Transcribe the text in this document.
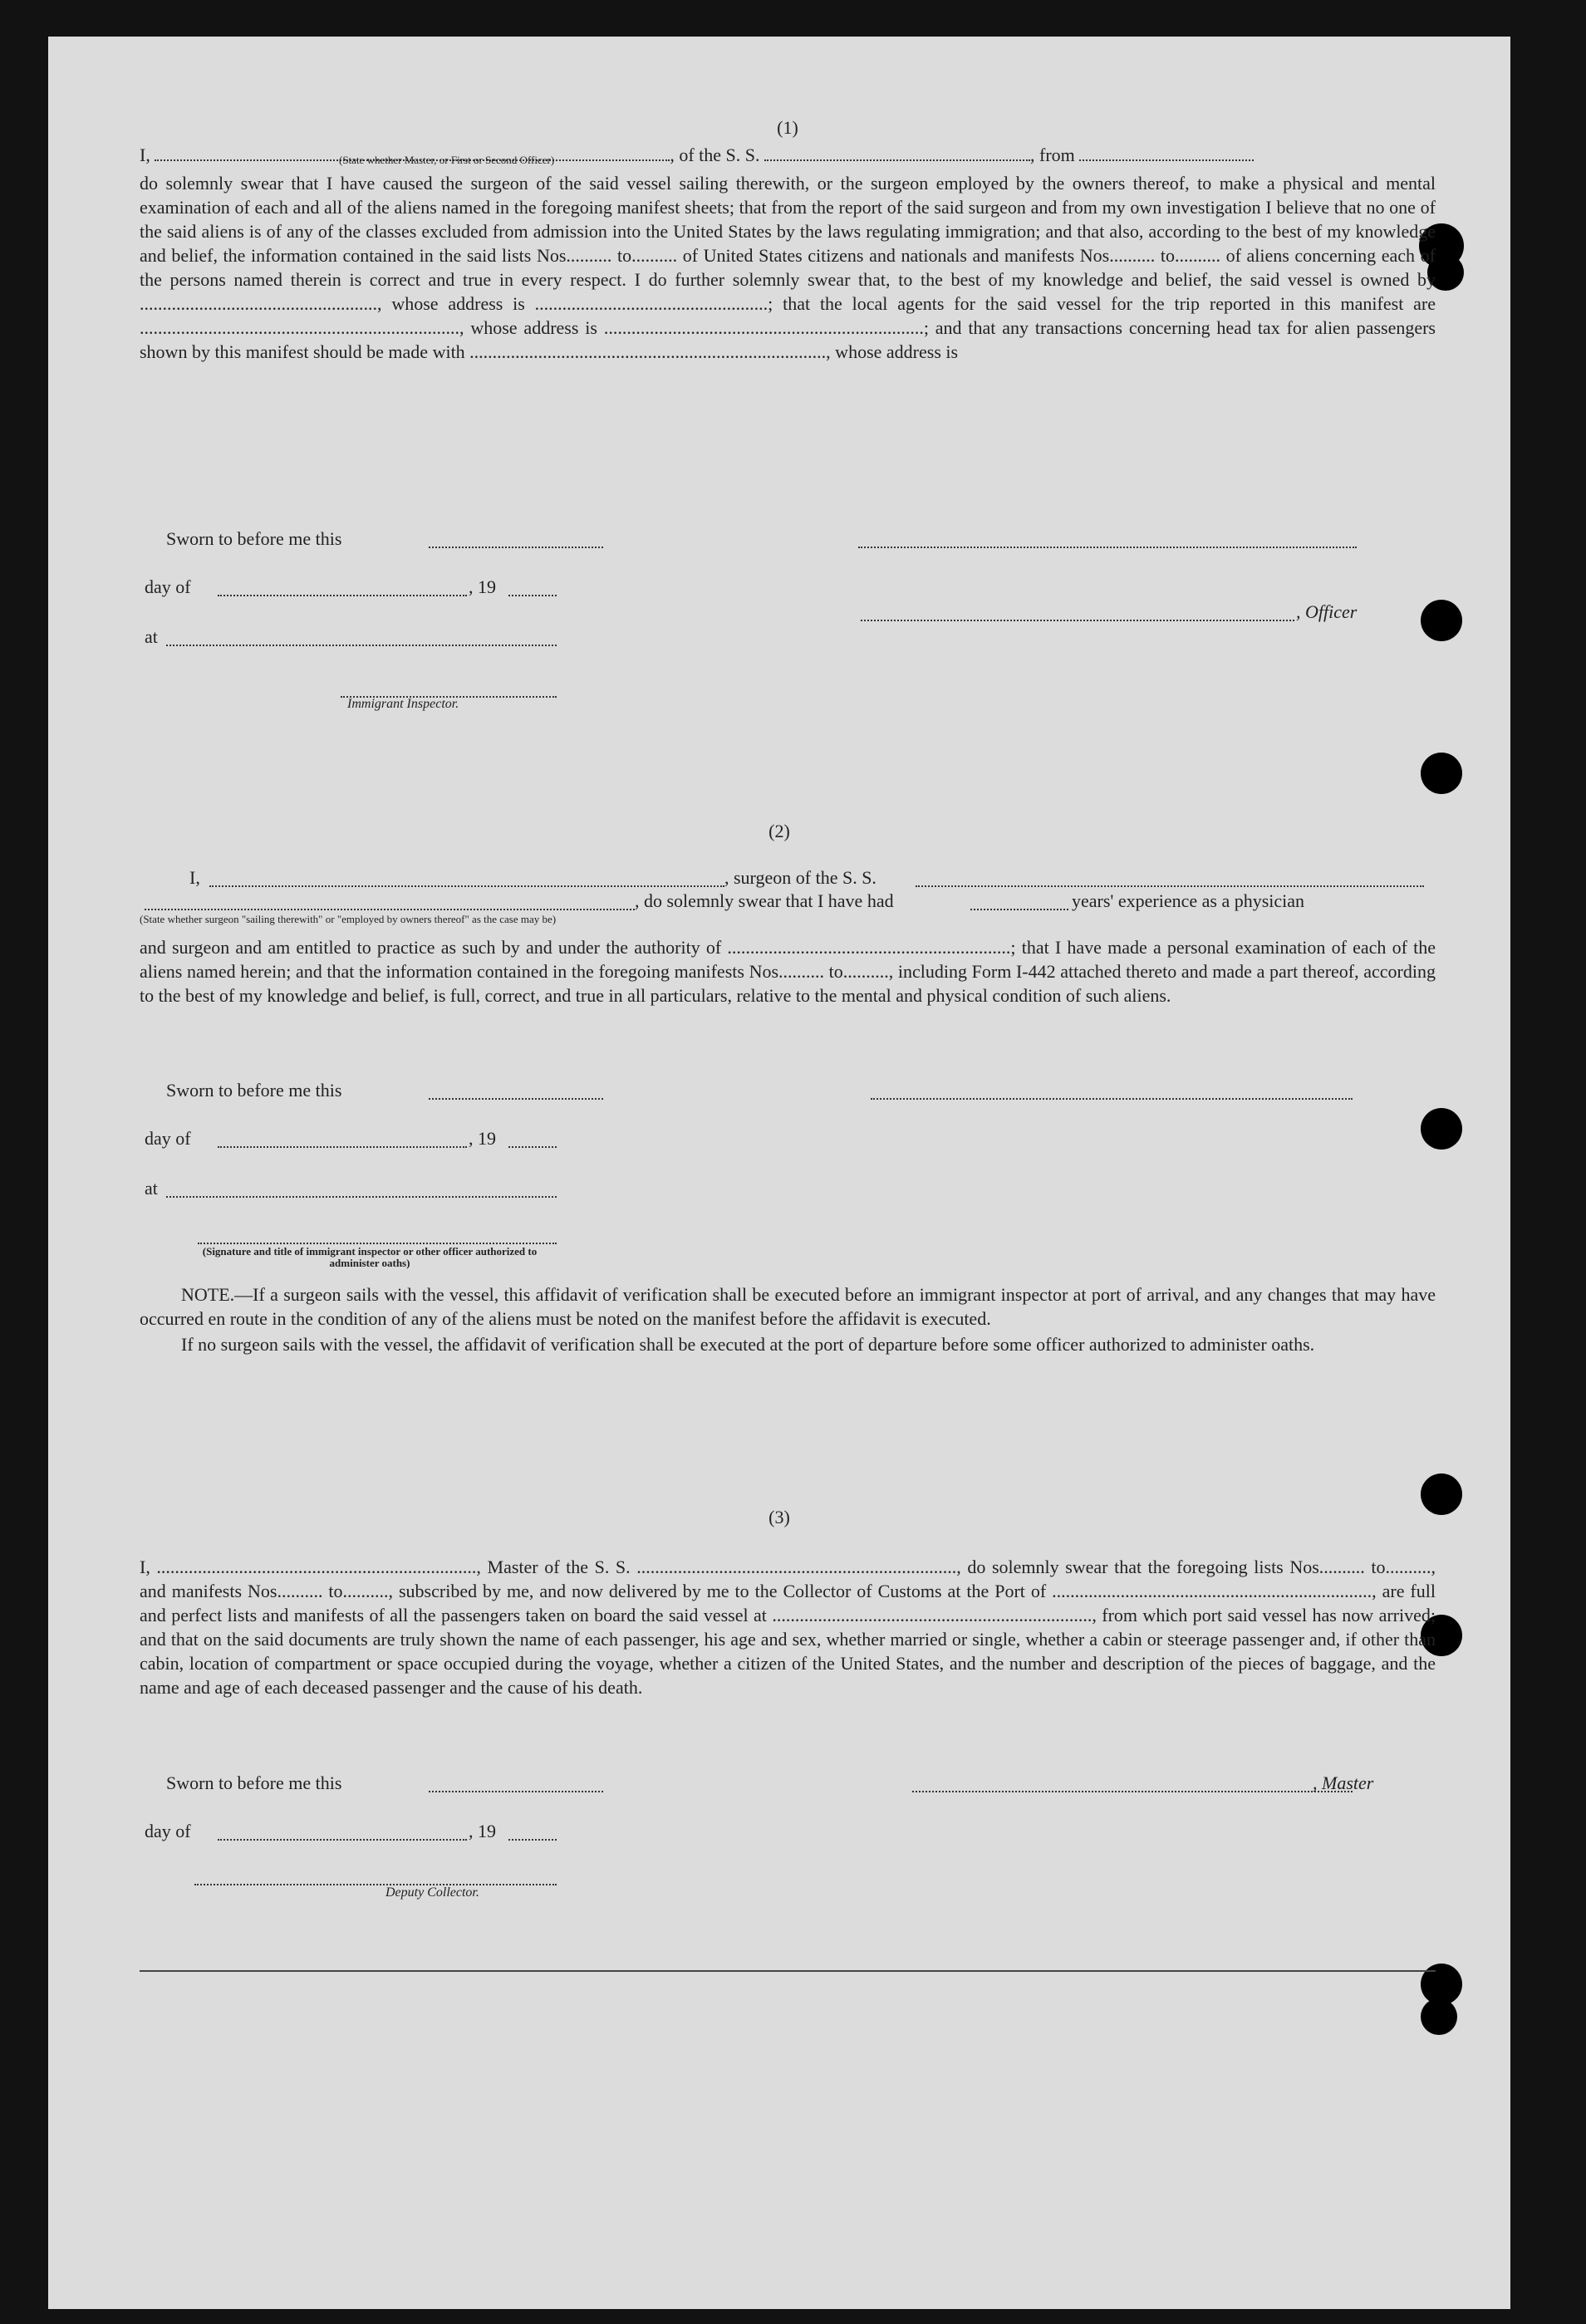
(1)
I,	, of the S. S.	, from
(State whether Master, or First or Second Officer)
do solemnly swear that I have caused the surgeon of the said vessel sailing therewith, or the surgeon employed by the owners thereof, to make a physical and mental examination of each and all of the aliens named in the foregoing manifest sheets; that from the report of the said surgeon and from my own investigation I believe that no one of the said aliens is of any of the classes excluded from admission into the United States by the laws regulating immigration; and that also, according to the best of my knowledge and belief, the information contained in the said lists Nos.......... to.......... of United States citizens and nationals and manifests Nos.......... to.......... of aliens concerning each of the persons named therein is correct and true in every respect. I do further solemnly swear that, to the best of my knowledge and belief, the said vessel is owned by ...................................................., whose address is ...................................................; that the local agents for the said vessel for the trip reported in this manifest are ......................................................................, whose address is ......................................................................; and that any transactions concerning head tax for alien passengers shown by this manifest should be made with .............................................................................., whose address is
Sworn to before me this
day of	, 19
, Officer
at
Immigrant Inspector.
(2)
I,	, surgeon of the S. S.
, do solemnly swear that I have had	years' experience as a physician
(State whether surgeon "sailing therewith" or "employed by owners thereof" as the case may be)
and surgeon and am entitled to practice as such by and under the authority of ..............................................................; that I have made a personal examination of each of the aliens named herein; and that the information contained in the foregoing manifests Nos.......... to.........., including Form I-442 attached thereto and made a part thereof, according to the best of my knowledge and belief, is full, correct, and true in all particulars, relative to the mental and physical condition of such aliens.
Sworn to before me this
day of	, 19
at
(Signature and title of immigrant inspector or other officer authorized to administer oaths)
NOTE.—If a surgeon sails with the vessel, this affidavit of verification shall be executed before an immigrant inspector at port of arrival, and any changes that may have occurred en route in the condition of any of the aliens must be noted on the manifest before the affidavit is executed.
If no surgeon sails with the vessel, the affidavit of verification shall be executed at the port of departure before some officer authorized to administer oaths.
(3)
I, ......................................................................, Master of the S. S. ......................................................................, do solemnly swear that the foregoing lists Nos.......... to.........., and manifests Nos.......... to.........., subscribed by me, and now delivered by me to the Collector of Customs at the Port of ......................................................................, are full and perfect lists and manifests of all the passengers taken on board the said vessel at ......................................................................, from which port said vessel has now arrived; and that on the said documents are truly shown the name of each passenger, his age and sex, whether married or single, whether a cabin or steerage passenger and, if other than cabin, location of compartment or space occupied during the voyage, whether a citizen of the United States, and the number and description of the pieces of baggage, and the name and age of each deceased passenger and the cause of his death.
Sworn to before me this	, Master
day of	, 19
Deputy Collector.
